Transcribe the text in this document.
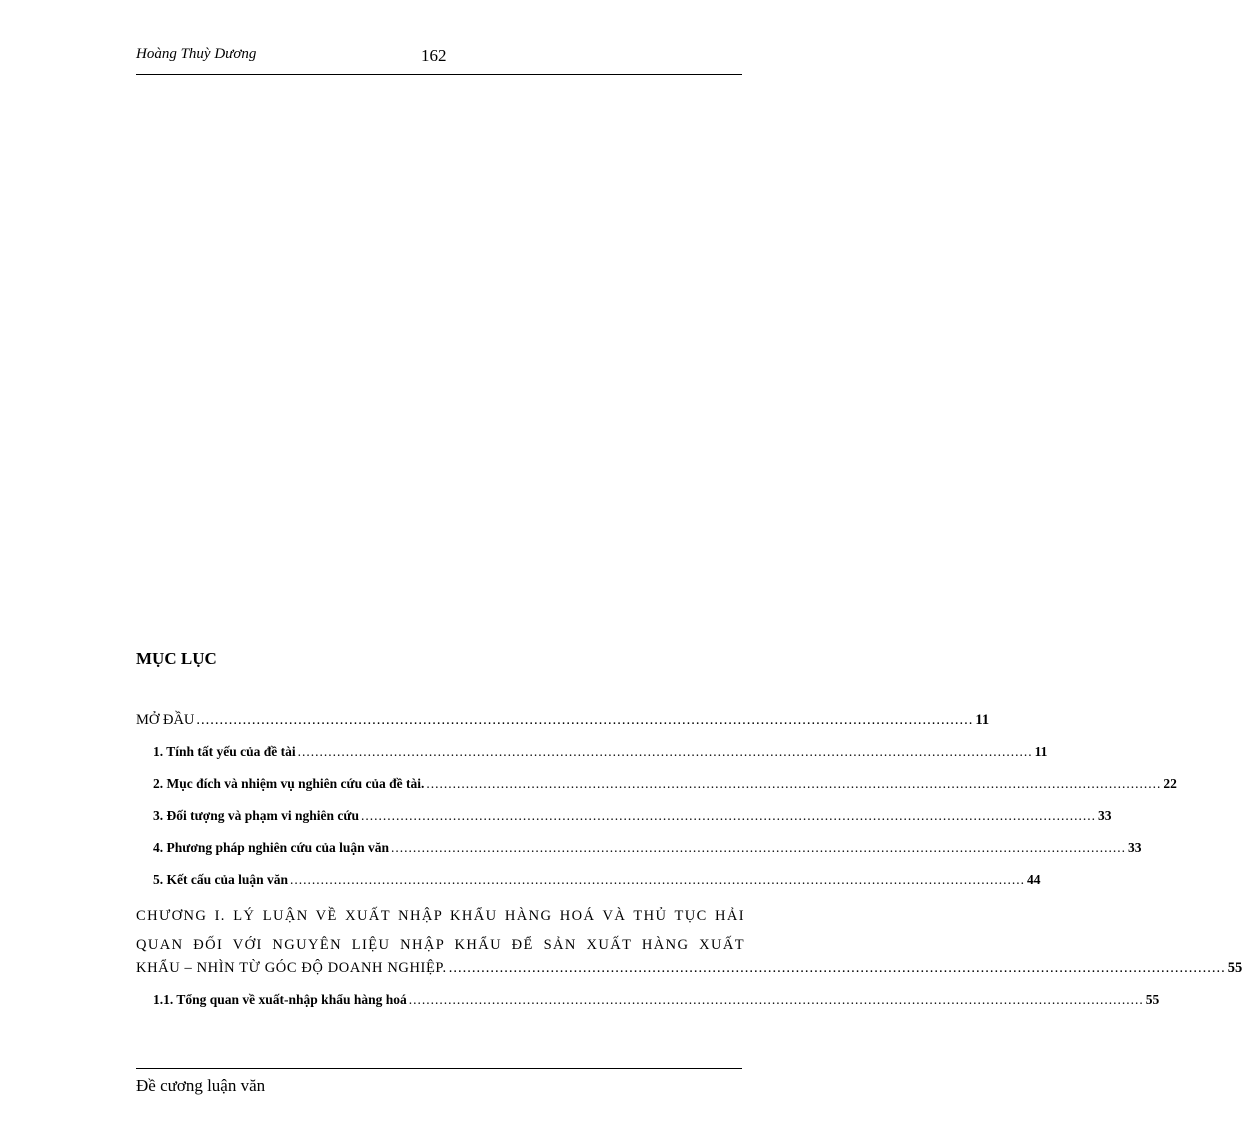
Hoàng Thuỳ Dương	162
MỤC LỤC
MỞ ĐẦU ........................................................................................................................................................................ 11
1. Tính tất yếu của đề tài ........................................................................................................................................................................ 11
2. Mục đích và nhiệm vụ nghiên cứu của đề tài. ........................................................................................................................................................................ 22
3. Đối tượng và phạm vi nghiên cứu ........................................................................................................................................................................ 33
4. Phương pháp nghiên cứu của luận văn ........................................................................................................................................................................ 33
5. Kết cấu của luận văn ........................................................................................................................................................................ 44
CHƯƠNG I. LÝ LUẬN VỀ XUẤT NHẬP KHẨU HÀNG HOÁ VÀ THỦ TỤC HẢI
QUAN ĐỐI VỚI NGUYÊN LIỆU NHẬP KHẨU ĐỂ SẢN XUẤT HÀNG XUẤT
KHẨU – NHÌN TỪ GÓC ĐỘ DOANH NGHIỆP. ........................................................................................................................................................................ 55
1.1. Tổng quan về xuất-nhập khẩu hàng hoá ........................................................................................................................................................................ 55
Đề cương luận văn
